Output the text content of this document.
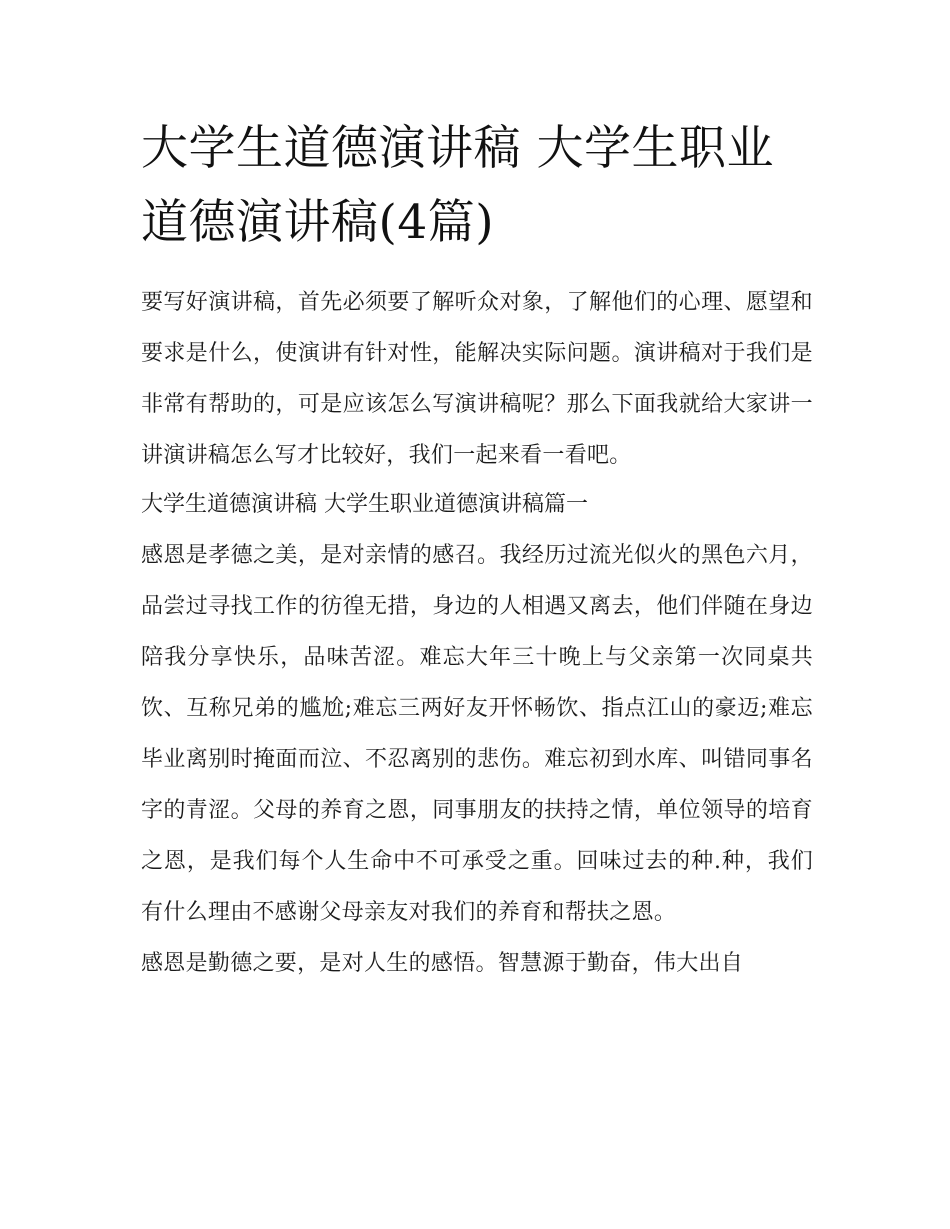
大学生道德演讲稿 大学生职业道德演讲稿(4篇)

要写好演讲稿，首先必须要了解听众对象，了解他们的心理、愿望和要求是什么，使演讲有针对性，能解决实际问题。演讲稿对于我们是非常有帮助的，可是应该怎么写演讲稿呢？那么下面我就给大家讲一讲演讲稿怎么写才比较好，我们一起来看一看吧。

大学生道德演讲稿 大学生职业道德演讲稿篇一

感恩是孝德之美，是对亲情的感召。我经历过流光似火的黑色六月，品尝过寻找工作的彷徨无措，身边的人相遇又离去，他们伴随在身边陪我分享快乐，品味苦涩。难忘大年三十晚上与父亲第一次同桌共饮、互称兄弟的尴尬;难忘三两好友开怀畅饮、指点江山的豪迈;难忘毕业离别时掩面而泣、不忍离别的悲伤。难忘初到水库、叫错同事名字的青涩。父母的养育之恩，同事朋友的扶持之情，单位领导的培育之恩，是我们每个人生命中不可承受之重。回味过去的种.种，我们有什么理由不感谢父母亲友对我们的养育和帮扶之恩。

感恩是勤德之要，是对人生的感悟。智慧源于勤奋，伟大出自
